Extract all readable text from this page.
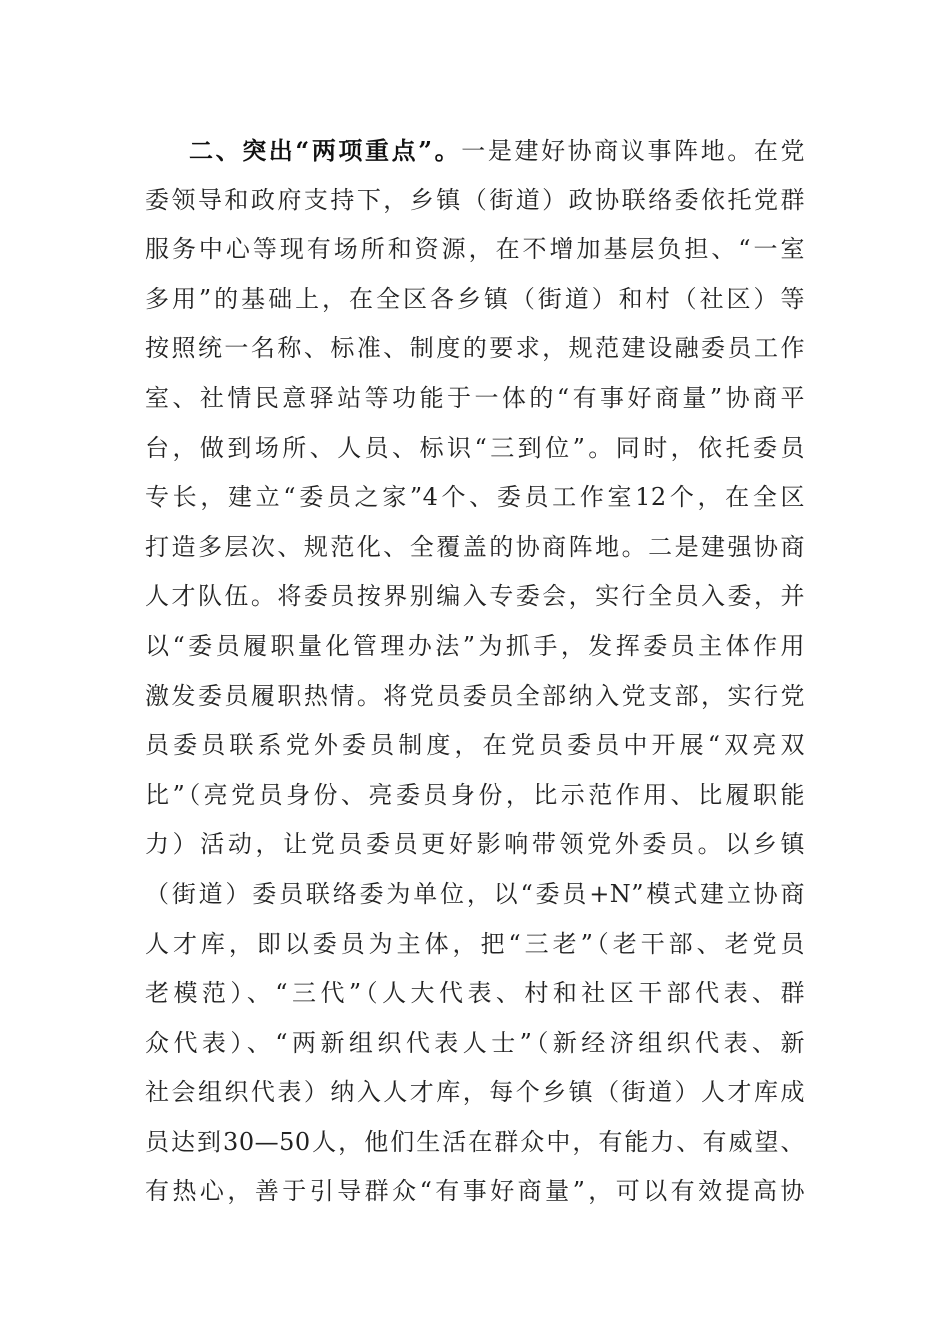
二、突出“两项重点”。一是建好协商议事阵地。在党
委领导和政府支持下，乡镇（街道）政协联络委依托党群
服务中心等现有场所和资源，在不增加基层负担、“一室
多用”的基础上，在全区各乡镇（街道）和村（社区）等
按照统一名称、标准、制度的要求，规范建设融委员工作
室、社情民意驿站等功能于一体的“有事好商量”协商平
台，做到场所、人员、标识“三到位”。同时，依托委员
专长，建立“委员之家”4个、委员工作室12个，在全区
打造多层次、规范化、全覆盖的协商阵地。二是建强协商
人才队伍。将委员按界别编入专委会，实行全员入委，并
以“委员履职量化管理办法”为抓手，发挥委员主体作用
激发委员履职热情。将党员委员全部纳入党支部，实行党
员委员联系党外委员制度，在党员委员中开展“双亮双
比”（亮党员身份、亮委员身份，比示范作用、比履职能
力）活动，让党员委员更好影响带领党外委员。以乡镇
（街道）委员联络委为单位，以“委员+N”模式建立协商
人才库，即以委员为主体，把“三老”（老干部、老党员
老模范）、“三代”（人大代表、村和社区干部代表、群
众代表）、“两新组织代表人士”（新经济组织代表、新
社会组织代表）纳入人才库，每个乡镇（街道）人才库成
员达到30—50人，他们生活在群众中，有能力、有威望、
有热心，善于引导群众“有事好商量”，可以有效提高协
